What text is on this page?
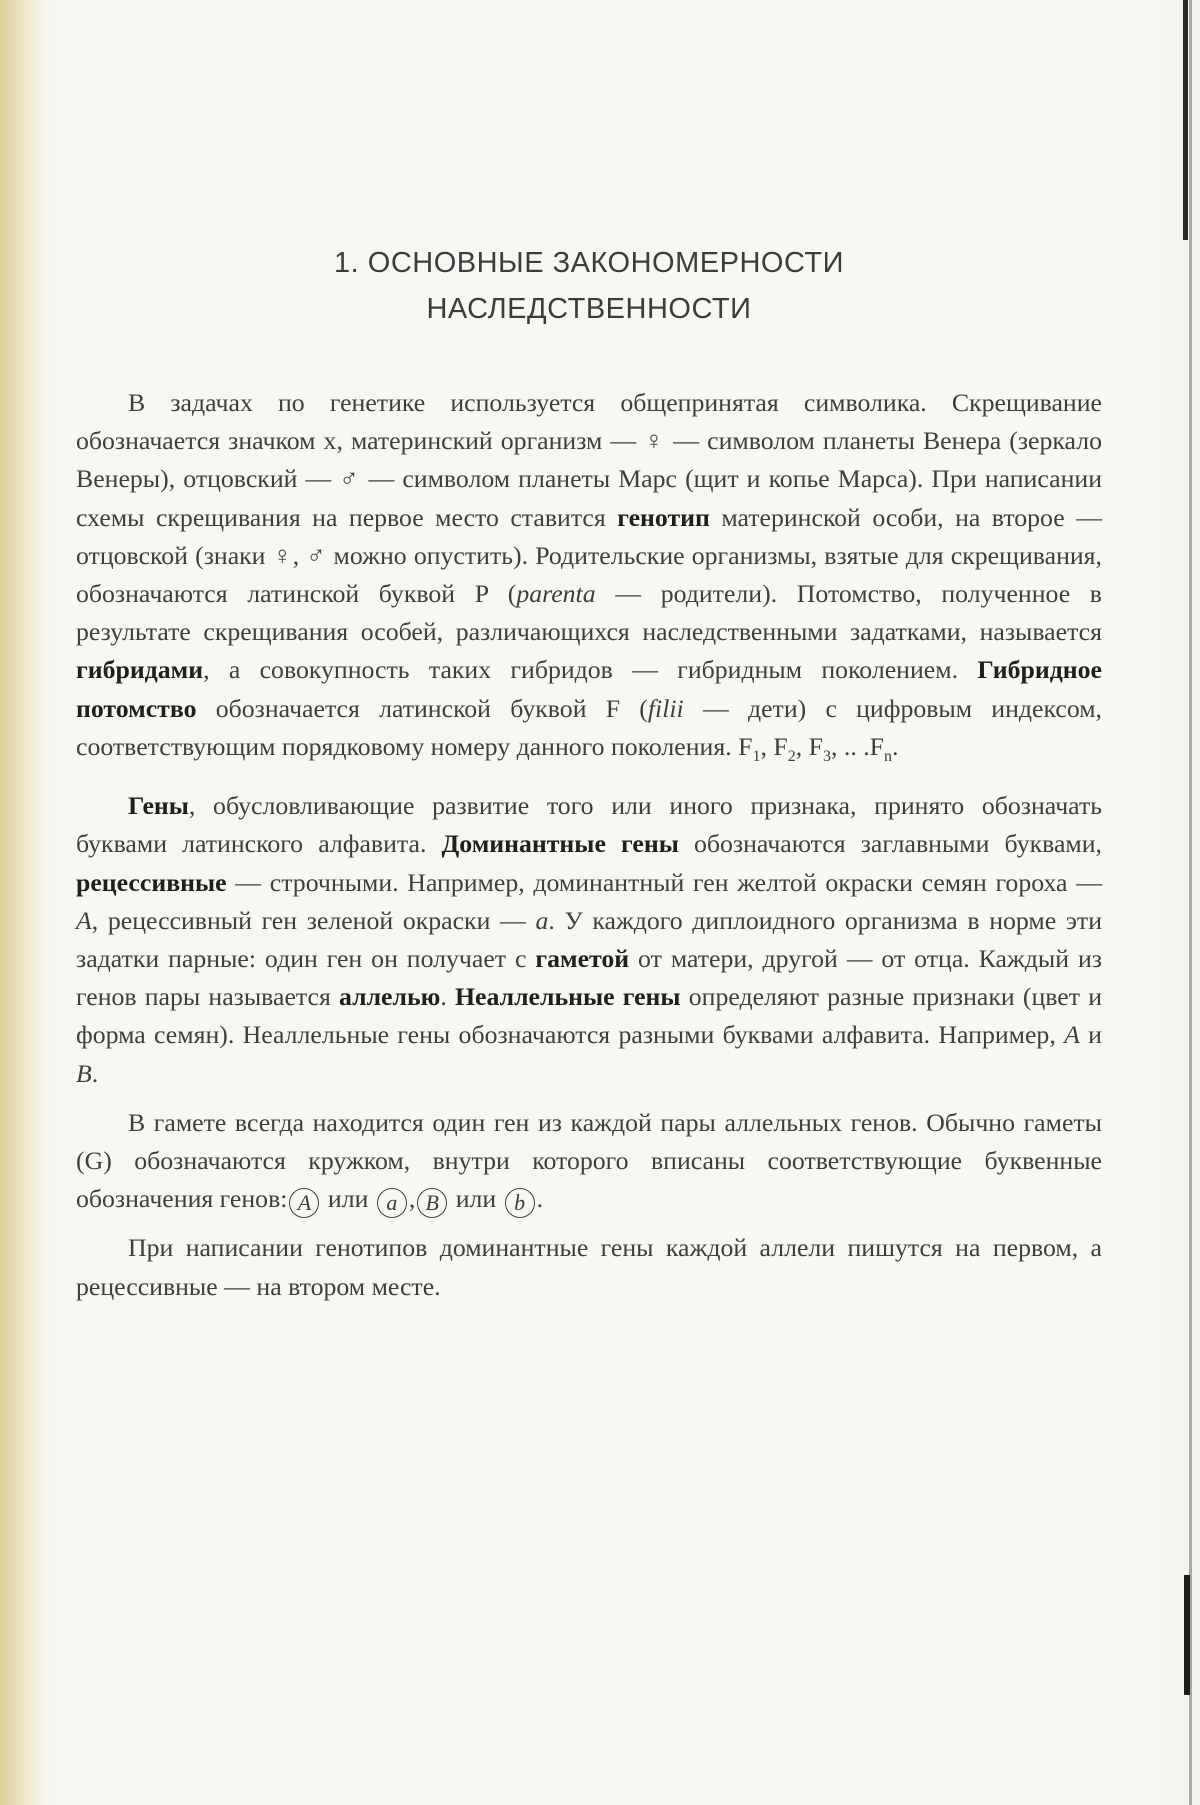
1. ОСНОВНЫЕ ЗАКОНОМЕРНОСТИ
НАСЛЕДСТВЕННОСТИ

В задачах по генетике используется общепринятая символика. Скрещивание обозначается значком х, материнский организм — ♀ — символом планеты Венера (зеркало Венеры), отцовский — ♂ — символом планеты Марс (щит и копье Марса). При написании схемы скрещивания на первое место ставится генотип материнской особи, на второе — отцовской (знаки ♀, ♂ можно опустить). Родительские организмы, взятые для скрещивания, обозначаются латинской буквой P (parenta — родители). Потомство, полученное в результате скрещивания особей, различающихся наследственными задатками, называется гибридами, а совокупность таких гибридов — гибридным поколением. Гибридное потомство обозначается латинской буквой F (filii — дети) с цифровым индексом, соответствующим порядковому номеру данного поколения. $F_1$, $F_2$, $F_3$, .. $.F_n$.

Гены, обусловливающие развитие того или иного признака, принято обозначать буквами латинского алфавита. Доминантные гены обозначаются заглавными буквами, рецессивные — строчными. Например, доминантный ген желтой окраски семян гороха — A, рецессивный ген зеленой окраски — a. У каждого диплоидного организма в норме эти задатки парные: один ген он получает с гаметой от матери, другой — от отца. Каждый из генов пары называется аллелью. Неаллельные гены определяют разные признаки (цвет и форма семян). Неаллельные гены обозначаются разными буквами алфавита. Например, A и B.

В гамете всегда находится один ген из каждой пары аллельных генов. Обычно гаметы (G) обозначаются кружком, внутри которого вписаны соответствующие буквенные обозначения генов: A или a , B или b .

При написании генотипов доминантные гены каждой аллели пишутся на первом, а рецессивные — на втором месте.
